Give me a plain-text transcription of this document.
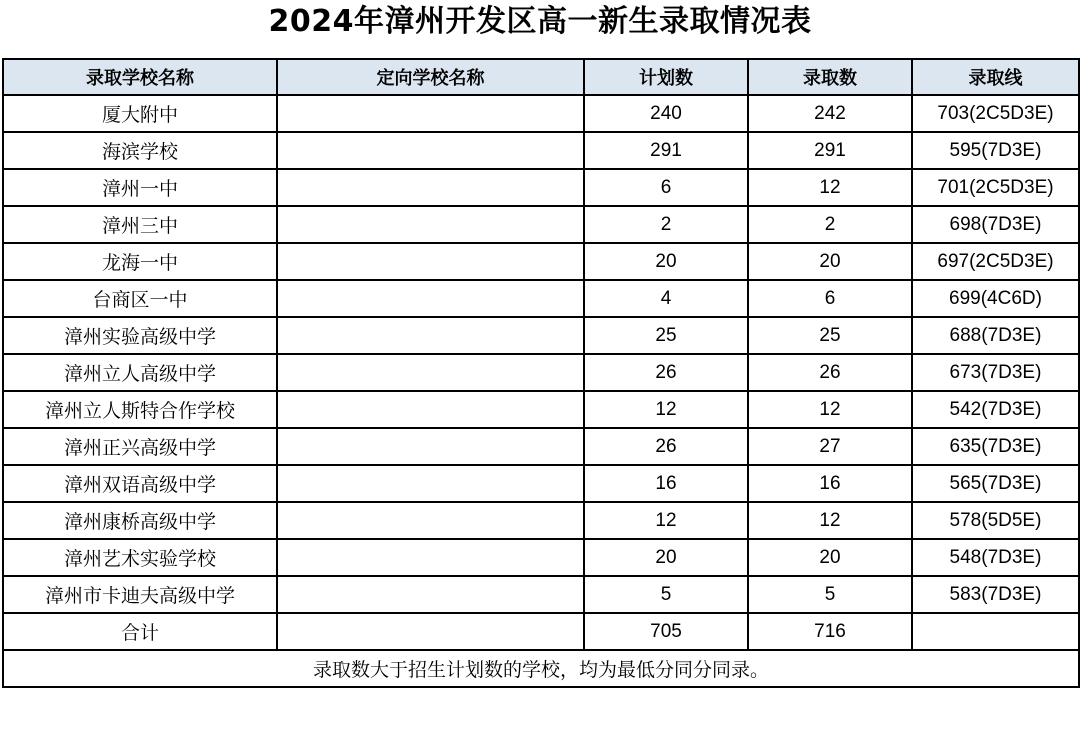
2024年漳州开发区高一新生录取情况表
录取学校名称	定向学校名称	计划数	录取数	录取线
厦大附中		240	242	703(2C5D3E)
海滨学校		291	291	595(7D3E)
漳州一中		6	12	701(2C5D3E)
漳州三中		2	2	698(7D3E)
龙海一中		20	20	697(2C5D3E)
台商区一中		4	6	699(4C6D)
漳州实验高级中学		25	25	688(7D3E)
漳州立人高级中学		26	26	673(7D3E)
漳州立人斯特合作学校		12	12	542(7D3E)
漳州正兴高级中学		26	27	635(7D3E)
漳州双语高级中学		16	16	565(7D3E)
漳州康桥高级中学		12	12	578(5D5E)
漳州艺术实验学校		20	20	548(7D3E)
漳州市卡迪夫高级中学		5	5	583(7D3E)
合计		705	716	
录取数大于招生计划数的学校，均为最低分同分同录。				
